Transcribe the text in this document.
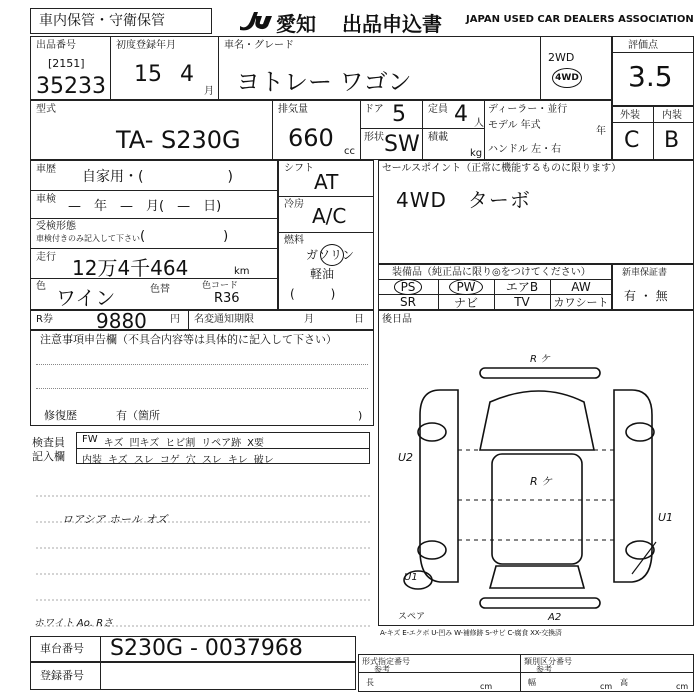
車内保管・守衛保管	愛知 出品申込書 JAPAN USED CAR DEALERS ASSOCIATION
出品番号
[2151]
35233
初度登録年月
15 4
月
車名・グレード
ヨトレー ワゴン
2WD
4WD
評価点
3.5
型式
TA- S230G
排気量
660 cc
ドア 5 定員 4 人
形状 SW 積載
kg
ディーラー・並行
モデル 年式
年
ハンドル 左・右
外装 内装
C B
車歴 自家用・(　　　　　　)
車検 —　年　—　月(　—　日)
受検形態
車検付きのみ記入して下さい (　　　　　　)
走行 12万4千464	km
色 ワイン	色替	色コード
R36
シフト
AT
冷房 A/C
燃料
ガソリン
軽油
(　　　)
セールスポイント（正常に機能するものに限ります）
4WD　ターボ
装備品（純正品に限り◎をつけてください）
PS	PW	エアB	AW
SR	ナビ	TV カワシート
新車保証書
有 ・ 無
R券 9880 円 名変通知期限	月	日 後日品
注意事項申告欄（不具合内容等は具体的に記入して下さい）
修復歴	有（箇所	)
検査員 記入欄
FW キズ 凹キズ ヒビ割 リペア跡 X要
内装 キズ スレ コゲ 穴 スレ キレ 破レ
ロアシア ホール オズ
ホワイト Ao. Rさ
R ケ
R ケ
U2
U1
U1
A2
スペア
A-キズ E-エクボ U-凹み W-補修跡 S-サビ C-腐食 XX-交換済
車台番号 S230G - 0037968
登録番号
形式指定番号
参考
類別区分番号
参考
長	cm	幅	cm 高	cm
